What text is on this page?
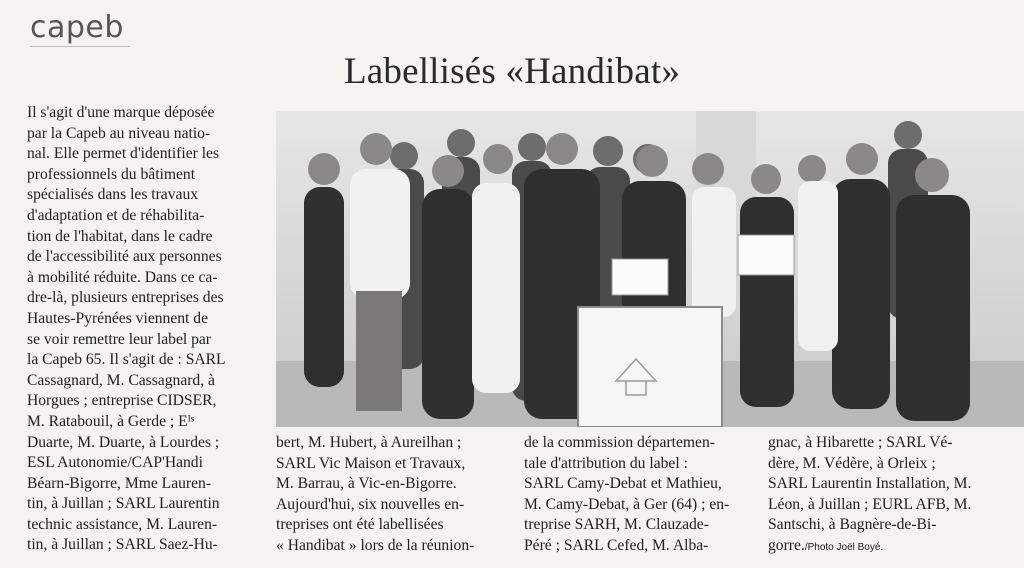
capeb
Labellisés «Handibat»
Il s'agit d'une marque déposée
par la Capeb au niveau natio-
nal. Elle permet d'identifier les
professionnels du bâtiment
spécialisés dans les travaux
d'adaptation et de réhabilita-
tion de l'habitat, dans le cadre
de l'accessibilité aux personnes
à mobilité réduite. Dans ce ca-
dre-là, plusieurs entreprises des
Hautes-Pyrénées viennent de
se voir remettre leur label par
la Capeb 65. Il s'agit de : SARL
Cassagnard, M. Cassagnard, à
Horgues ; entreprise CIDSER,
M. Ratabouil, à Gerde ; Eᴵˢ
Duarte, M. Duarte, à Lourdes ;
ESL Autonomie/CAP'Handi
Béarn-Bigorre, Mme Lauren-
tin, à Juillan ; SARL Laurentin
technic assistance, M. Lauren-
tin, à Juillan ; SARL Saez-Hu-
bert, M. Hubert, à Aureilhan ;
SARL Vic Maison et Travaux,
M. Barrau, à Vic-en-Bigorre.
Aujourd'hui, six nouvelles en-
treprises ont été labellisées
« Handibat » lors de la réunion-
de la commission départemen-
tale d'attribution du label :
SARL Camy-Debat et Mathieu,
M. Camy-Debat, à Ger (64) ; en-
treprise SARH, M. Clauzade-
Péré ; SARL Cefed, M. Alba-
gnac, à Hibarette ; SARL Vé-
dère, M. Védère, à Orleix ;
SARL Laurentin Installation, M.
Léon, à Juillan ; EURL AFB, M.
Santschi, à Bagnère-de-Bi-
gorre./Photo Joël Boyé.
